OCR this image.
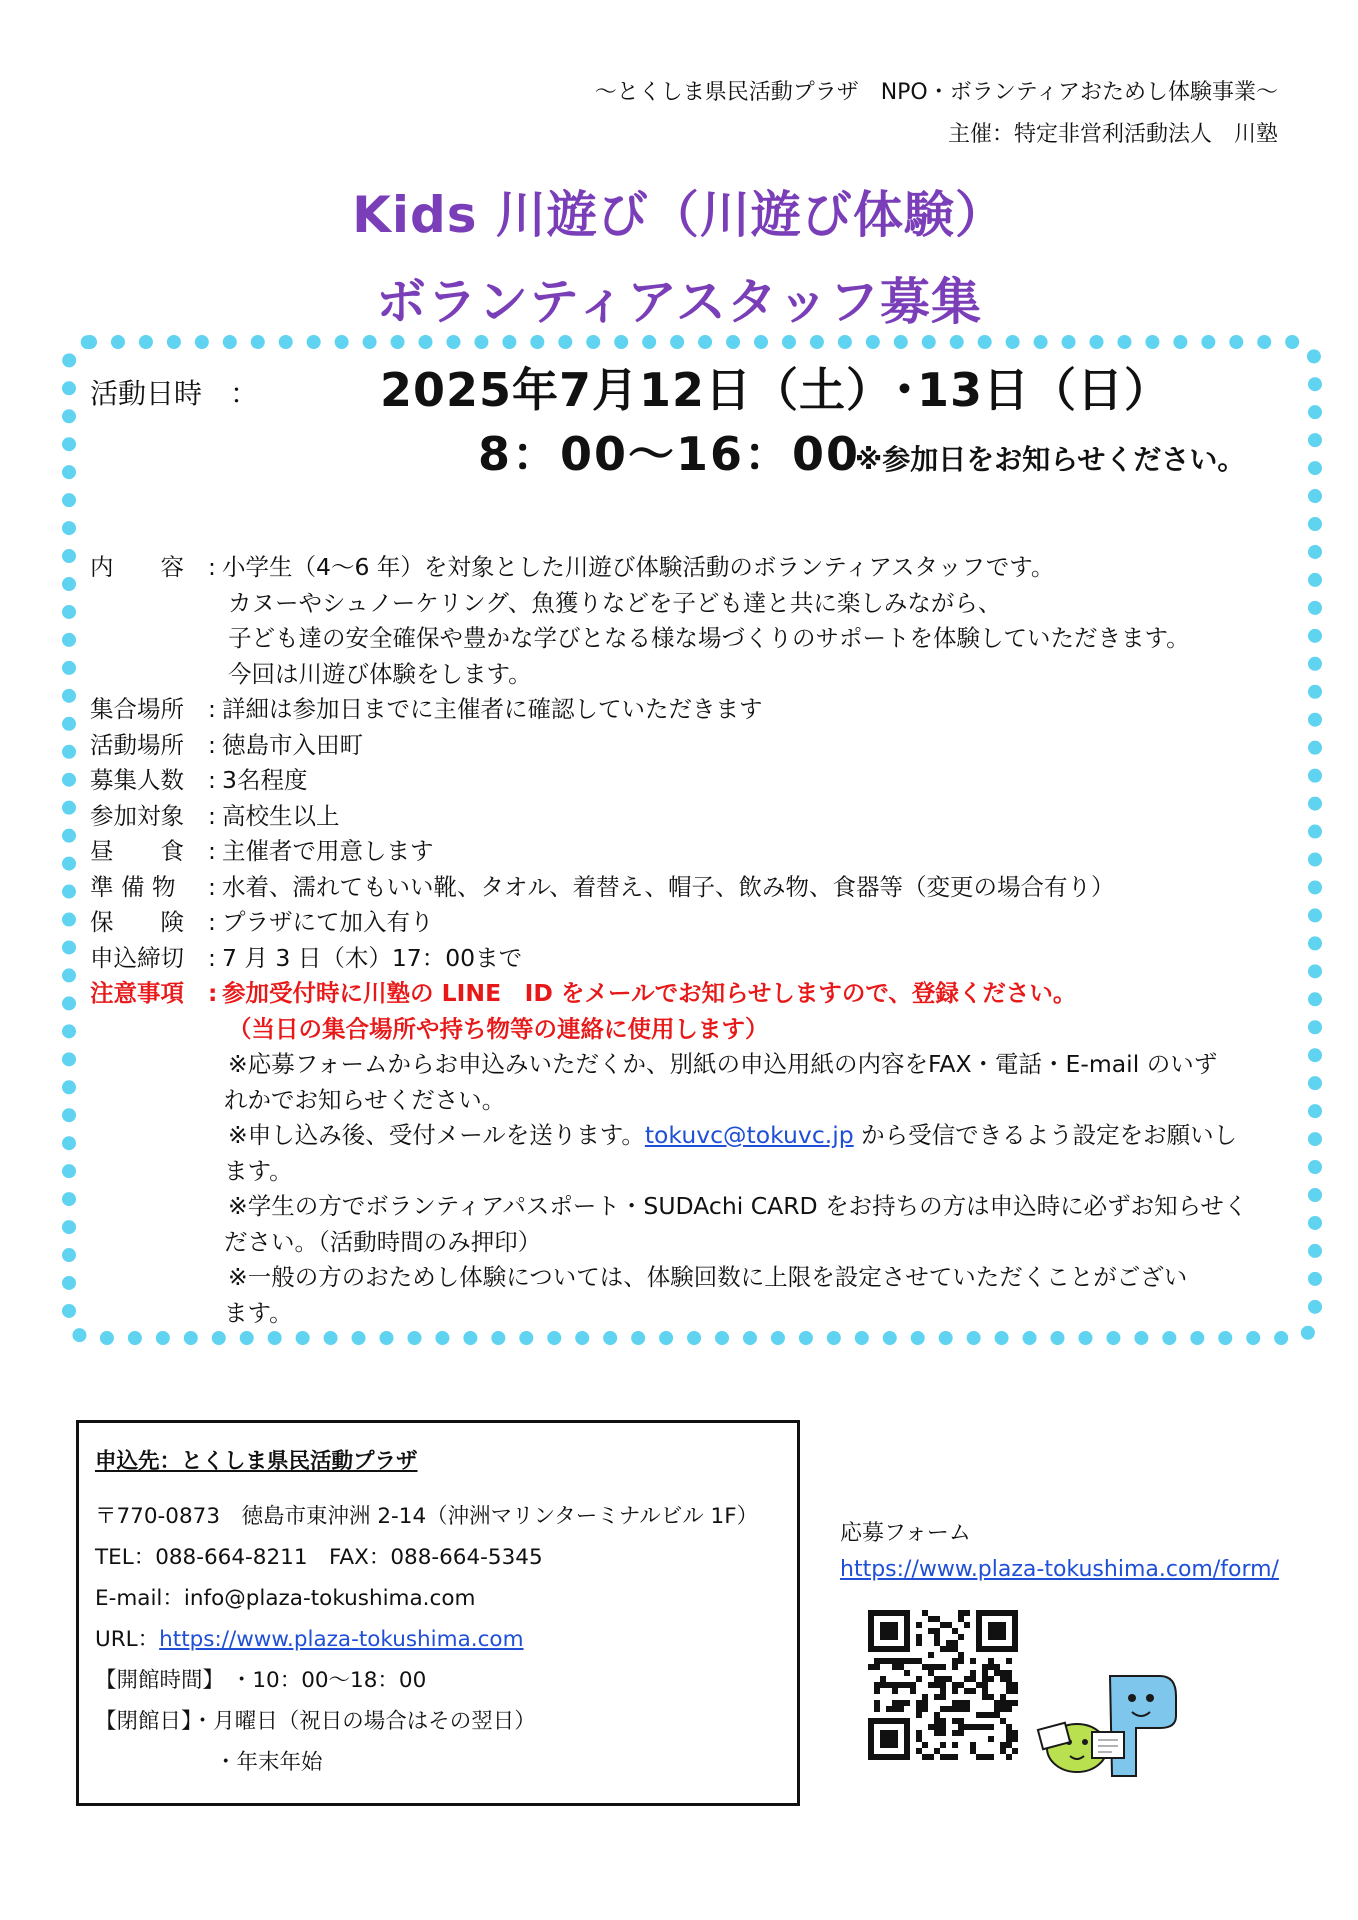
～とくしま県民活動プラザ　NPO・ボランティアおためし体験事業～
主催：特定非営利活動法人　川塾
Kids 川遊び（川遊び体験）
ボランティアスタッフ募集
活動日時　：	2025年7月12日（土）･13日（日）
8：00～16：00
※参加日をお知らせください。
内　　容	: 小学生（4～6 年）を対象とした川遊び体験活動のボランティアスタッフです。
カヌーやシュノーケリング、魚獲りなどを子ども達と共に楽しみながら、
子ども達の安全確保や豊かな学びとなる様な場づくりのサポートを体験していただきます。
今回は川遊び体験をします。
集合場所	: 詳細は参加日までに主催者に確認していただきます
活動場所	: 徳島市入田町
募集人数	: 3名程度
参加対象	: 高校生以上
昼　　食	: 主催者で用意します
準 備 物	: 水着、濡れてもいい靴、タオル、着替え、帽子、飲み物、食器等（変更の場合有り）
保　　険	: プラザにて加入有り
申込締切	: 7 月 3 日（木）17：00まで
注意事項	: 参加受付時に川塾の LINE　ID をメールでお知らせしますので、登録ください。
（当日の集合場所や持ち物等の連絡に使用します）
※応募フォームからお申込みいただくか、別紙の申込用紙の内容をFAX・電話・E-mail のいず
れかでお知らせください。
※申し込み後、受付メールを送ります。tokuvc@tokuvc.jp から受信できるよう設定をお願いし
ます。
※学生の方でボランティアパスポート・SUDAchi CARD をお持ちの方は申込時に必ずお知らせく
ださい。（活動時間のみ押印）
※一般の方のおためし体験については、体験回数に上限を設定させていただくことがござい
ます。
申込先：とくしま県民活動プラザ
〒770-0873　徳島市東沖洲 2-14（沖洲マリンターミナルビル 1F）
TEL：088-664-8211　FAX：088-664-5345
E-mail：info@plaza-tokushima.com
URL：https://www.plaza-tokushima.com
【開館時間】 ・10：00～18：00
【閉館日】・月曜日（祝日の場合はその翌日）
・年末年始
応募フォーム
https://www.plaza-tokushima.com/form/
